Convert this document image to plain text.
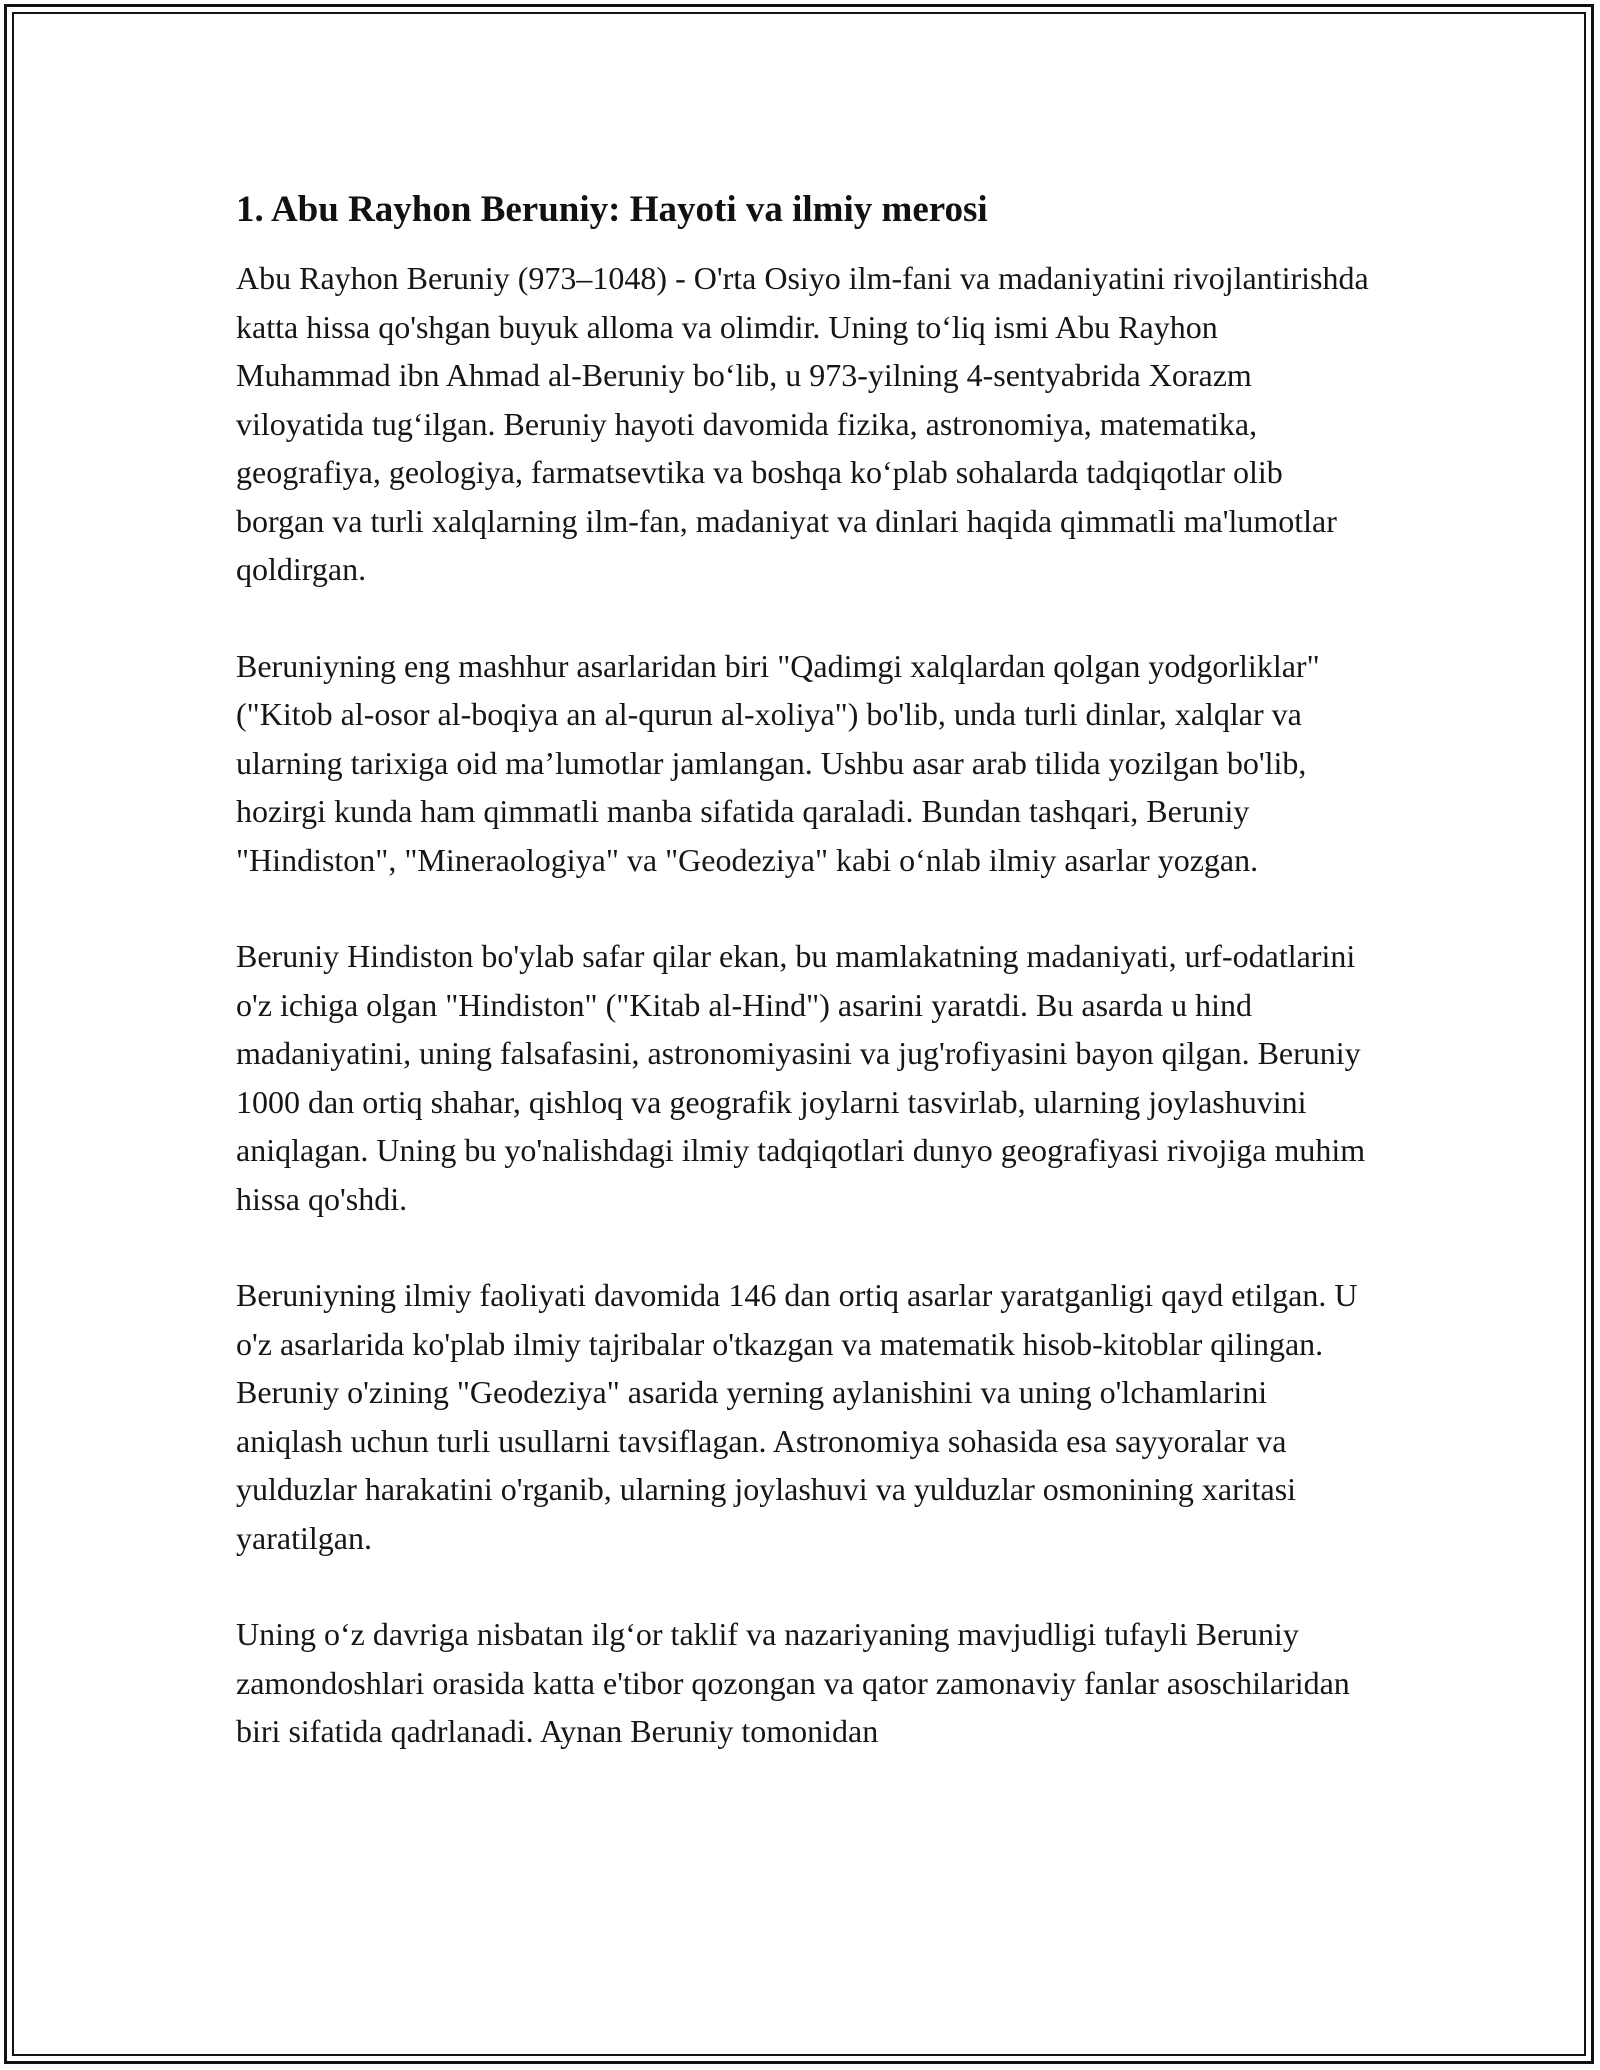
1. Abu Rayhon Beruniy: Hayoti va ilmiy merosi

Abu Rayhon Beruniy (973–1048) - O'rta Osiyo ilm-fani va madaniyatini rivojlantirishda katta hissa qo'shgan buyuk alloma va olimdir. Uning to‘liq ismi Abu Rayhon Muhammad ibn Ahmad al-Beruniy bo‘lib, u 973-yilning 4-sentyabrida Xorazm viloyatida tug‘ilgan. Beruniy hayoti davomida fizika, astronomiya, matematika, geografiya, geologiya, farmatsevtika va boshqa ko‘plab sohalarda tadqiqotlar olib borgan va turli xalqlarning ilm-fan, madaniyat va dinlari haqida qimmatli ma'lumotlar qoldirgan.

Beruniyning eng mashhur asarlaridan biri "Qadimgi xalqlardan qolgan yodgorliklar" ("Kitob al-osor al-boqiya an al-qurun al-xoliya") bo'lib, unda turli dinlar, xalqlar va ularning tarixiga oid ma’lumotlar jamlangan. Ushbu asar arab tilida yozilgan bo'lib, hozirgi kunda ham qimmatli manba sifatida qaraladi. Bundan tashqari, Beruniy "Hindiston", "Mineraologiya" va "Geodeziya" kabi o‘nlab ilmiy asarlar yozgan.

Beruniy Hindiston bo'ylab safar qilar ekan, bu mamlakatning madaniyati, urf-odatlarini o'z ichiga olgan "Hindiston" ("Kitab al-Hind") asarini yaratdi. Bu asarda u hind madaniyatini, uning falsafasini, astronomiyasini va jug'rofiyasini bayon qilgan. Beruniy 1000 dan ortiq shahar, qishloq va geografik joylarni tasvirlab, ularning joylashuvini aniqlagan. Uning bu yo'nalishdagi ilmiy tadqiqotlari dunyo geografiyasi rivojiga muhim hissa qo'shdi.

Beruniyning ilmiy faoliyati davomida 146 dan ortiq asarlar yaratganligi qayd etilgan. U o'z asarlarida ko'plab ilmiy tajribalar o'tkazgan va matematik hisob-kitoblar qilingan. Beruniy o'zining "Geodeziya" asarida yerning aylanishini va uning o'lchamlarini aniqlash uchun turli usullarni tavsiflagan. Astronomiya sohasida esa sayyoralar va yulduzlar harakatini o'rganib, ularning joylashuvi va yulduzlar osmonining xaritasi yaratilgan.

Uning o‘z davriga nisbatan ilg‘or taklif va nazariyaning mavjudligi tufayli Beruniy zamondoshlari orasida katta e'tibor qozongan va qator zamonaviy fanlar asoschilaridan biri sifatida qadrlanadi. Aynan Beruniy tomonidan
